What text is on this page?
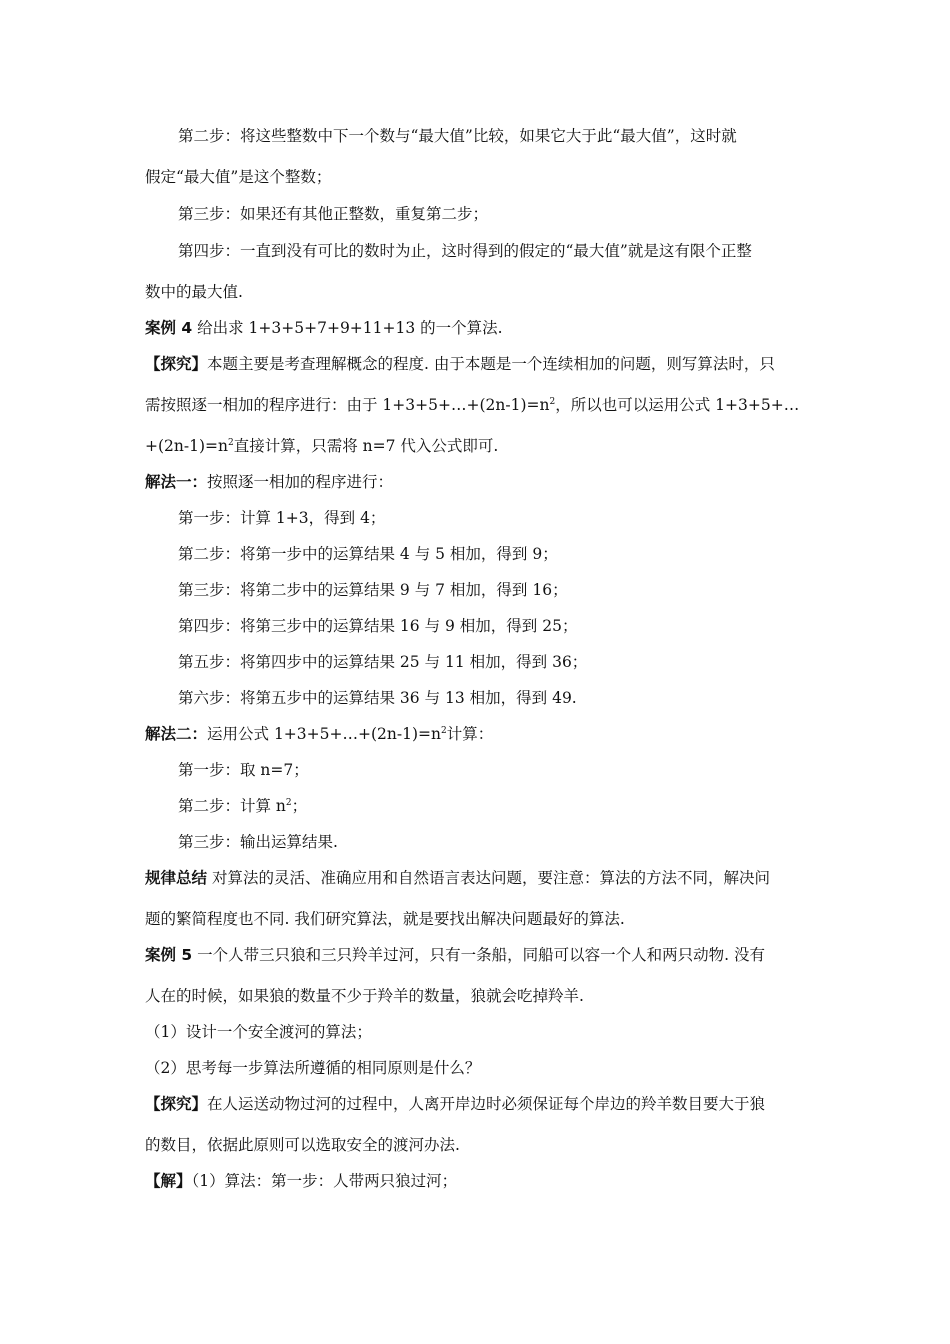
第二步：将这些整数中下一个数与“最大值”比较，如果它大于此“最大值”，这时就
假定“最大值”是这个整数；
第三步：如果还有其他正整数，重复第二步；
第四步：一直到没有可比的数时为止，这时得到的假定的“最大值”就是这有限个正整
数中的最大值.
案例 4 给出求 1+3+5+7+9+11+13 的一个算法.
【探究】本题主要是考查理解概念的程度. 由于本题是一个连续相加的问题，则写算法时，只
需按照逐一相加的程序进行：由于 $1+3+5+\dots+(2n-1)=n^2$，所以也可以运用公式 1+3+5+…
$+(2n-1)=n^2$直接计算，只需将 n=7 代入公式即可.
解法一：按照逐一相加的程序进行：
第一步：计算 1+3，得到 4；
第二步：将第一步中的运算结果 4 与 5 相加，得到 9；
第三步：将第二步中的运算结果 9 与 7 相加，得到 16；
第四步：将第三步中的运算结果 16 与 9 相加，得到 25；
第五步：将第四步中的运算结果 25 与 11 相加，得到 36；
第六步：将第五步中的运算结果 36 与 13 相加，得到 49.
解法二：运用公式 $1+3+5+\dots+(2n-1)=n^2$计算：
第一步：取 n=7；
第二步：计算 $n^2$；
第三步：输出运算结果.
规律总结 对算法的灵活、准确应用和自然语言表达问题，要注意：算法的方法不同，解决问
题的繁简程度也不同. 我们研究算法，就是要找出解决问题最好的算法.
案例 5 一个人带三只狼和三只羚羊过河，只有一条船，同船可以容一个人和两只动物. 没有
人在的时候，如果狼的数量不少于羚羊的数量，狼就会吃掉羚羊.
（1）设计一个安全渡河的算法；
（2）思考每一步算法所遵循的相同原则是什么？
【探究】在人运送动物过河的过程中，人离开岸边时必须保证每个岸边的羚羊数目要大于狼
的数目，依据此原则可以选取安全的渡河办法.
【解】（1）算法：第一步：人带两只狼过河；
